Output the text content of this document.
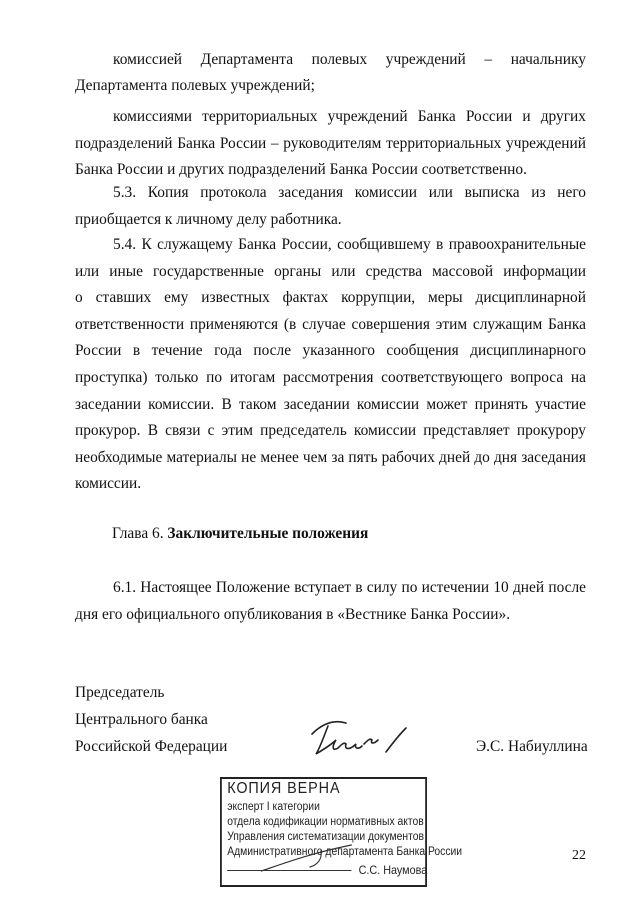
комиссией Департамента полевых учреждений – начальнику

Департамента полевых учреждений;
комиссиями территориальных учреждений Банка России и других
подразделений Банка России – руководителям территориальных учреждений
Банка России и других подразделений Банка России соответственно.
5.3. Копия протокола заседания комиссии или выписка из него
приобщается к личному делу работника.
5.4. К служащему Банка России, сообщившему в правоохранительные
или иные государственные органы или средства массовой информации
о ставших ему известных фактах коррупции, меры дисциплинарной
ответственности применяются (в случае совершения этим служащим Банка
России в течение года после указанного сообщения дисциплинарного
проступка) только по итогам рассмотрения соответствующего вопроса на
заседании комиссии. В таком заседании комиссии может принять участие
прокурор. В связи с этим председатель комиссии представляет прокурору
необходимые материалы не менее чем за пять рабочих дней до дня заседания
комиссии.
Глава 6. Заключительные положения
6.1. Настоящее Положение вступает в силу по истечении 10 дней после
дня его официального опубликования в «Вестнике Банка России».
Председатель
Центрального банка
Российской Федерации	Э.С. Набиуллина
КОПИЯ ВЕРНА
эксперт I категории
отдела кодификации нормативных актов
Управления систематизации документов
Административного департамента Банка России
С.С. Наумова
22
